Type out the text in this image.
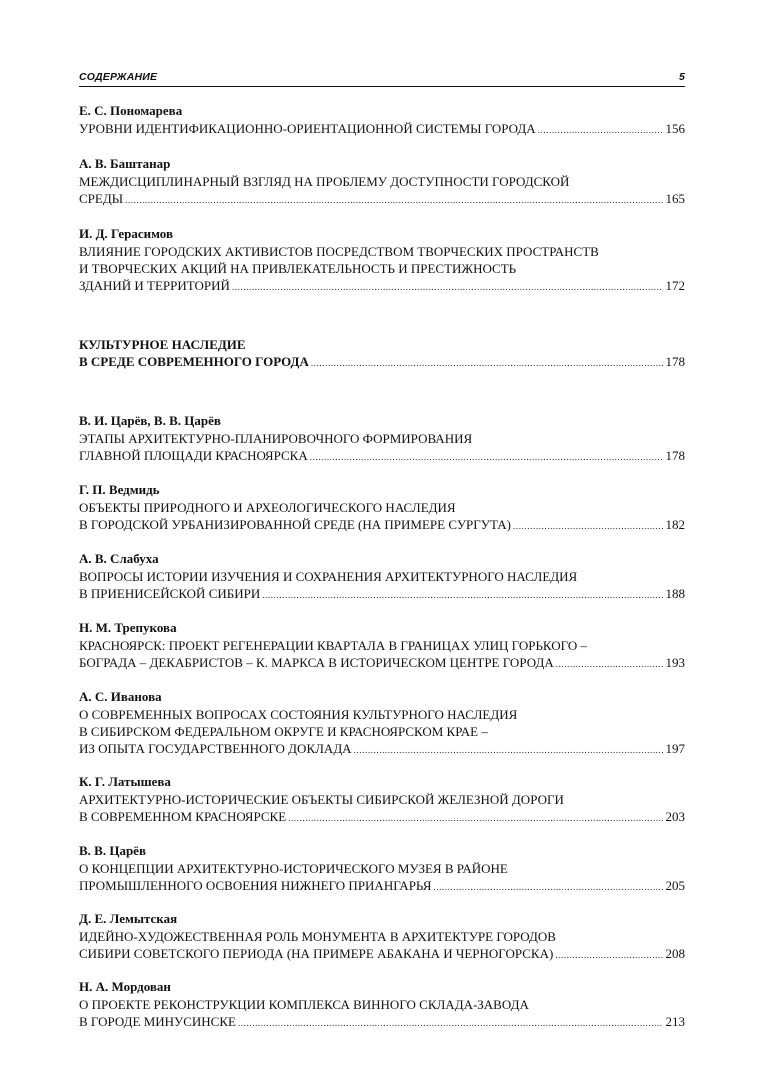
СОДЕРЖАНИЕ	5
Е. С. Пономарева
УРОВНИ ИДЕНТИФИКАЦИОННО-ОРИЕНТАЦИОННОЙ СИСТЕМЫ ГОРОДА .....	156
А. В. Баштанар
МЕЖДИСЦИПЛИНАРНЫЙ ВЗГЛЯД НА ПРОБЛЕМУ ДОСТУПНОСТИ ГОРОДСКОЙ
СРЕДЫ .....	165
И. Д. Герасимов
ВЛИЯНИЕ ГОРОДСКИХ АКТИВИСТОВ ПОСРЕДСТВОМ ТВОРЧЕСКИХ ПРОСТРАНСТВ
И ТВОРЧЕСКИХ АКЦИЙ НА ПРИВЛЕКАТЕЛЬНОСТЬ И ПРЕСТИЖНОСТЬ
ЗДАНИЙ И ТЕРРИТОРИЙ .....	172
КУЛЬТУРНОЕ НАСЛЕДИЕ
В СРЕДЕ СОВРЕМЕННОГО ГОРОДА .....	178
В. И. Царёв, В. В. Царёв
ЭТАПЫ АРХИТЕКТУРНО-ПЛАНИРОВОЧНОГО ФОРМИРОВАНИЯ
ГЛАВНОЙ ПЛОЩАДИ КРАСНОЯРСКА .....	178
Г. П. Ведмидь
ОБЪЕКТЫ ПРИРОДНОГО И АРХЕОЛОГИЧЕСКОГО НАСЛЕДИЯ
В ГОРОДСКОЙ УРБАНИЗИРОВАННОЙ СРЕДЕ (НА ПРИМЕРЕ СУРГУТА) .....	182
А. В. Слабуха
ВОПРОСЫ ИСТОРИИ ИЗУЧЕНИЯ И СОХРАНЕНИЯ АРХИТЕКТУРНОГО НАСЛЕДИЯ
В ПРИЕНИСЕЙСКОЙ СИБИРИ .....	188
Н. М. Трепукова
КРАСНОЯРСК: ПРОЕКТ РЕГЕНЕРАЦИИ КВАРТАЛА В ГРАНИЦАХ УЛИЦ ГОРЬКОГО –
БОГРАДА – ДЕКАБРИСТОВ – К. МАРКСА В ИСТОРИЧЕСКОМ ЦЕНТРЕ ГОРОДА .....	193
А. С. Иванова
О СОВРЕМЕННЫХ ВОПРОСАХ СОСТОЯНИЯ КУЛЬТУРНОГО НАСЛЕДИЯ
В СИБИРСКОМ ФЕДЕРАЛЬНОМ ОКРУГЕ И КРАСНОЯРСКОМ КРАЕ –
ИЗ ОПЫТА ГОСУДАРСТВЕННОГО ДОКЛАДА .....	197
К. Г. Латышева
АРХИТЕКТУРНО-ИСТОРИЧЕСКИЕ ОБЪЕКТЫ СИБИРСКОЙ ЖЕЛЕЗНОЙ ДОРОГИ
В СОВРЕМЕННОМ КРАСНОЯРСКЕ .....	203
В. В. Царёв
О КОНЦЕПЦИИ АРХИТЕКТУРНО-ИСТОРИЧЕСКОГО МУЗЕЯ В РАЙОНЕ
ПРОМЫШЛЕННОГО ОСВОЕНИЯ НИЖНЕГО ПРИАНГАРЬЯ .....	205
Д. Е. Лемытская
ИДЕЙНО-ХУДОЖЕСТВЕННАЯ РОЛЬ МОНУМЕНТА В АРХИТЕКТУРЕ ГОРОДОВ
СИБИРИ СОВЕТСКОГО ПЕРИОДА (НА ПРИМЕРЕ АБАКАНА И ЧЕРНОГОРСКА) .....	208
Н. А. Мордован
О ПРОЕКТЕ РЕКОНСТРУКЦИИ КОМПЛЕКСА ВИННОГО СКЛАДА-ЗАВОДА
В ГОРОДЕ МИНУСИНСКЕ .....	213
